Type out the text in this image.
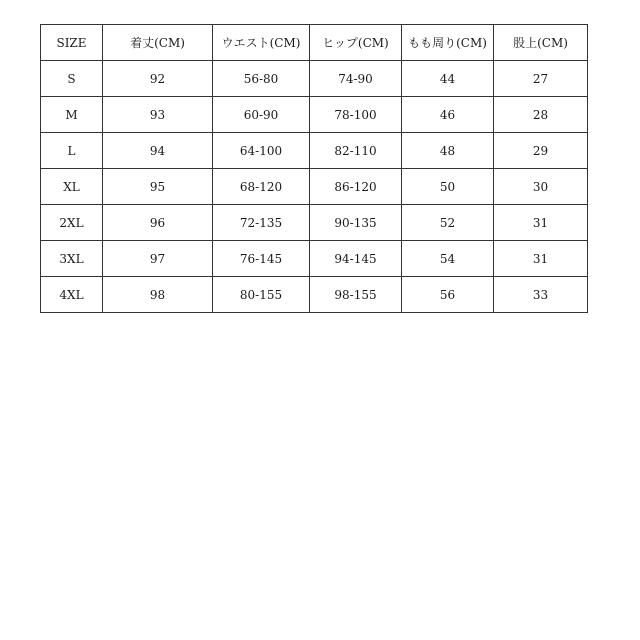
SIZE	着丈(CM)	ウエスト(CM)	ヒップ(CM)	もも周り(CM)	股上(CM)
S	92	56-80	74-90	44	27
M	93	60-90	78-100	46	28
L	94	64-100	82-110	48	29
XL	95	68-120	86-120	50	30
2XL	96	72-135	90-135	52	31
3XL	97	76-145	94-145	54	31
4XL	98	80-155	98-155	56	33
